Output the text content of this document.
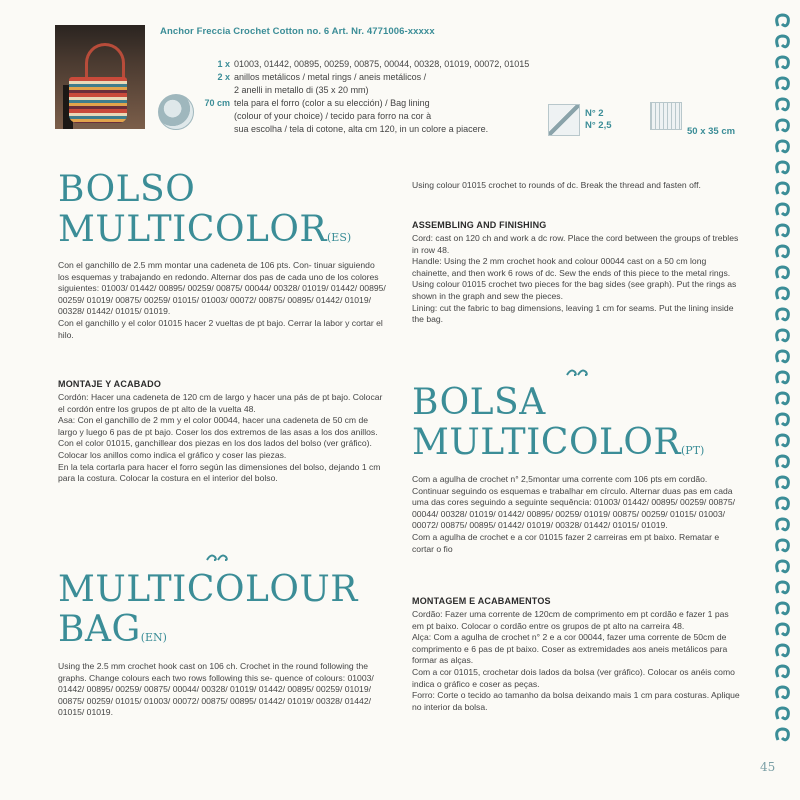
Anchor Freccia Crochet Cotton no. 6 Art. Nr. 4771006-xxxxx
1 x 01003, 01442, 00895, 00259, 00875, 00044, 00328, 01019, 00072, 01015
2 x anillos metálicos / metal rings / aneis metálicos /
2 anelli in metallo di (35 x 20 mm)
70 cm tela para el forro (color a su elección) / Bag lining
(colour of your choice) / tecido para forro na cor à
sua escolha / tela di cotone, alta cm 120, in un colore a piacere.
N° 2
N° 2,5
50 x 35 cm
BOLSO
MULTICOLOR(ES)

Con el ganchillo de 2.5 mm montar una cadeneta de 106 pts. Con- tinuar siguiendo los esquemas y trabajando en redondo. Alternar dos pas de cada uno de los colores siguientes: 01003/ 01442/ 00895/ 00259/ 00875/ 00044/ 00328/ 01019/ 01442/ 00895/ 00259/ 01019/ 00875/ 00259/ 01015/ 01003/ 00072/ 00875/ 00895/ 01442/ 01019/ 00328/ 01442/ 01015/ 01019.

Con el ganchillo y el color 01015 hacer 2 vueltas de pt bajo. Cerrar la labor y cortar el hilo.

MONTAJE Y ACABADO

Cordón: Hacer una cadeneta de 120 cm de largo y hacer una pás de pt bajo. Colocar el cordón entre los grupos de pt alto de la vuelta 48.

Asa: Con el ganchillo de 2 mm y el color 00044, hacer una cadeneta de 50 cm de largo y luego 6 pas de pt bajo. Coser los dos extremos de las asas a los dos anillos.

Con el color 01015, ganchillear dos piezas en los dos lados del bolso (ver gráfico). Colocar los anillos como indica el gráfico y coser las piezas.

En la tela cortarla para hacer el forro según las dimensiones del bolso, dejando 1 cm para la costura. Colocar la costura en el interior del bolso.

MULTICOLOUR
BAG(EN)

Using the 2.5 mm crochet hook cast on 106 ch. Crochet in the round following the graphs. Change colours each two rows following this se- quence of colours: 01003/ 01442/ 00895/ 00259/ 00875/ 00044/ 00328/ 01019/ 01442/ 00895/ 00259/ 01019/ 00875/ 00259/ 01015/ 01003/ 00072/ 00875/ 00895/ 01442/ 01019/ 00328/ 01442/ 01015/ 01019.

Using colour 01015 crochet to rounds of dc. Break the thread and fasten off.

ASSEMBLING AND FINISHING

Cord: cast on 120 ch and work a dc row. Place the cord between the groups of trebles in row 48.

Handle: Using the 2 mm crochet hook and colour 00044 cast on a 50 cm long chainette, and then work 6 rows of dc. Sew the ends of this piece to the metal rings.

Using colour 01015 crochet two pieces for the bag sides (see graph). Put the rings as shown in the graph and sew the pieces.

Lining: cut the fabric to bag dimensions, leaving 1 cm for seams. Put the lining inside the bag.

BOLSA
MULTICOLOR(PT)

Com a agulha de crochet n° 2,5montar uma corrente com 106 pts em cordão. Continuar seguindo os esquemas e trabalhar em círculo. Alternar duas pas em cada uma das cores seguindo a seguinte sequência: 01003/ 01442/ 00895/ 00259/ 00875/ 00044/ 00328/ 01019/ 01442/ 00895/ 00259/ 01019/ 00875/ 00259/ 01015/ 01003/ 00072/ 00875/ 00895/ 01442/ 01019/ 00328/ 01442/ 01015/ 01019.

Com a agulha de crochet e a cor 01015 fazer 2 carreiras em pt baixo. Rematar e cortar o fio

MONTAGEM E ACABAMENTOS

Cordão: Fazer uma corrente de 120cm de comprimento em pt cordão e fazer 1 pas em pt baixo. Colocar o cordão entre os grupos de pt alto na carreira 48.

Alça: Com a agulha de crochet n° 2 e a cor 00044, fazer uma corrente de 50cm de comprimento e 6 pas de pt baixo. Coser as extremidades aos aneis metálicos para formar as alças.

Com a cor 01015, crochetar dois lados da bolsa (ver gráfico). Colocar os anéis como indica o gráfico e coser as peças.

Forro: Corte o tecido ao tamanho da bolsa deixando mais 1 cm para costuras. Aplique no interior da bolsa.

45
